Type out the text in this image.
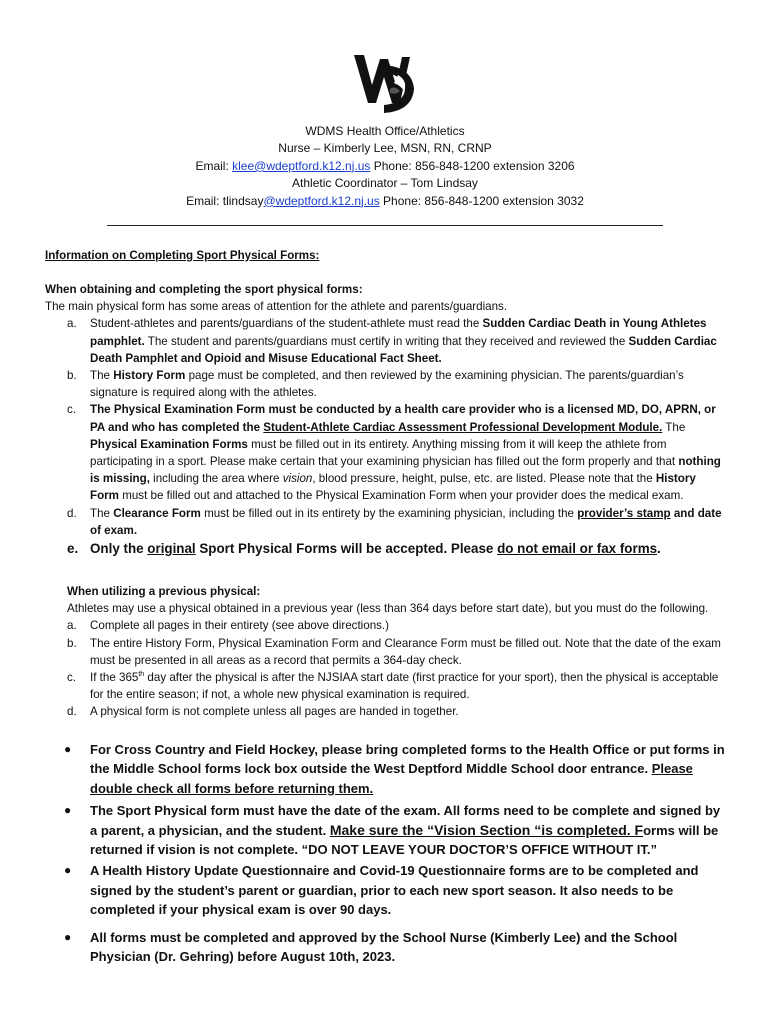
WDMS Health Office/Athletics
Nurse – Kimberly Lee, MSN, RN, CRNP
Email: klee@wdeptford.k12.nj.us Phone: 856-848-1200 extension 3206
Athletic Coordinator – Tom Lindsay
Email: tlindsay@wdeptford.k12.nj.us Phone: 856-848-1200 extension 3032
Information on Completing Sport Physical Forms:
When obtaining and completing the sport physical forms:
The main physical form has some areas of attention for the athlete and parents/guardians.
a. Student-athletes and parents/guardians of the student-athlete must read the Sudden Cardiac Death in Young Athletes pamphlet. The student and parents/guardians must certify in writing that they received and reviewed the Sudden Cardiac Death Pamphlet and Opioid and Misuse Educational Fact Sheet.
b. The History Form page must be completed, and then reviewed by the examining physician. The parents/guardian’s signature is required along with the athletes.
c. The Physical Examination Form must be conducted by a health care provider who is a licensed MD, DO, APRN, or PA and who has completed the Student-Athlete Cardiac Assessment Professional Development Module. The Physical Examination Forms must be filled out in its entirety. Anything missing from it will keep the athlete from participating in a sport. Please make certain that your examining physician has filled out the form properly and that nothing is missing, including the area where vision, blood pressure, height, pulse, etc. are listed. Please note that the History Form must be filled out and attached to the Physical Examination Form when your provider does the medical exam.
d. The Clearance Form must be filled out in its entirety by the examining physician, including the provider’s stamp and date of exam.
e. Only the original Sport Physical Forms will be accepted. Please do not email or fax forms.
When utilizing a previous physical:
Athletes may use a physical obtained in a previous year (less than 364 days before start date), but you must do the following.
a. Complete all pages in their entirety (see above directions.)
b. The entire History Form, Physical Examination Form and Clearance Form must be filled out. Note that the date of the exam must be presented in all areas as a record that permits a 364-day check.
c. If the 365th day after the physical is after the NJSIAA start date (first practice for your sport), then the physical is acceptable for the entire season; if not, a whole new physical examination is required.
d. A physical form is not complete unless all pages are handed in together.
● For Cross Country and Field Hockey, please bring completed forms to the Health Office or put forms in the Middle School forms lock box outside the West Deptford Middle School door entrance. Please double check all forms before returning them.
● The Sport Physical form must have the date of the exam. All forms need to be complete and signed by a parent, a physician, and the student. Make sure the “Vision Section “is completed. Forms will be returned if vision is not complete. “DO NOT LEAVE YOUR DOCTOR’S OFFICE WITHOUT IT.”
● A Health History Update Questionnaire and Covid-19 Questionnaire forms are to be completed and signed by the student’s parent or guardian, prior to each new sport season. It also needs to be completed if your physical exam is over 90 days.
● All forms must be completed and approved by the School Nurse (Kimberly Lee) and the School Physician (Dr. Gehring) before August 10th, 2023.
